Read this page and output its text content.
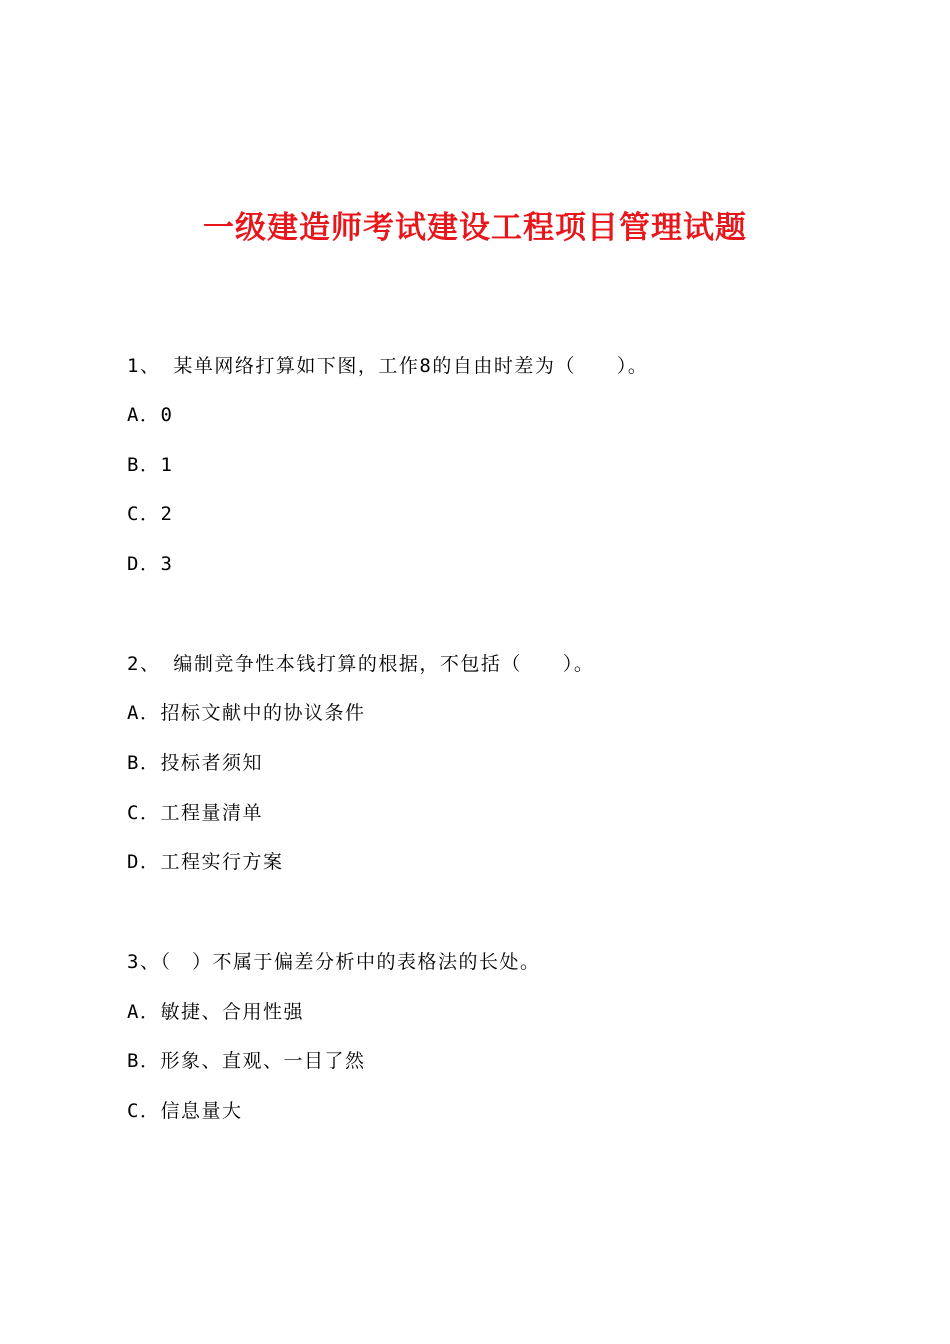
一级建造师考试建设工程项目管理试题
1、 某单网络打算如下图，工作8的自由时差为（　　）。
A．0
B．1
C．2
D．3
2、 编制竞争性本钱打算的根据，不包括（　　）。
A．招标文献中的协议条件
B．投标者须知
C．工程量清单
D．工程实行方案
3、（　）不属于偏差分析中的表格法的长处。
A．敏捷、合用性强
B．形象、直观、一目了然
C．信息量大
